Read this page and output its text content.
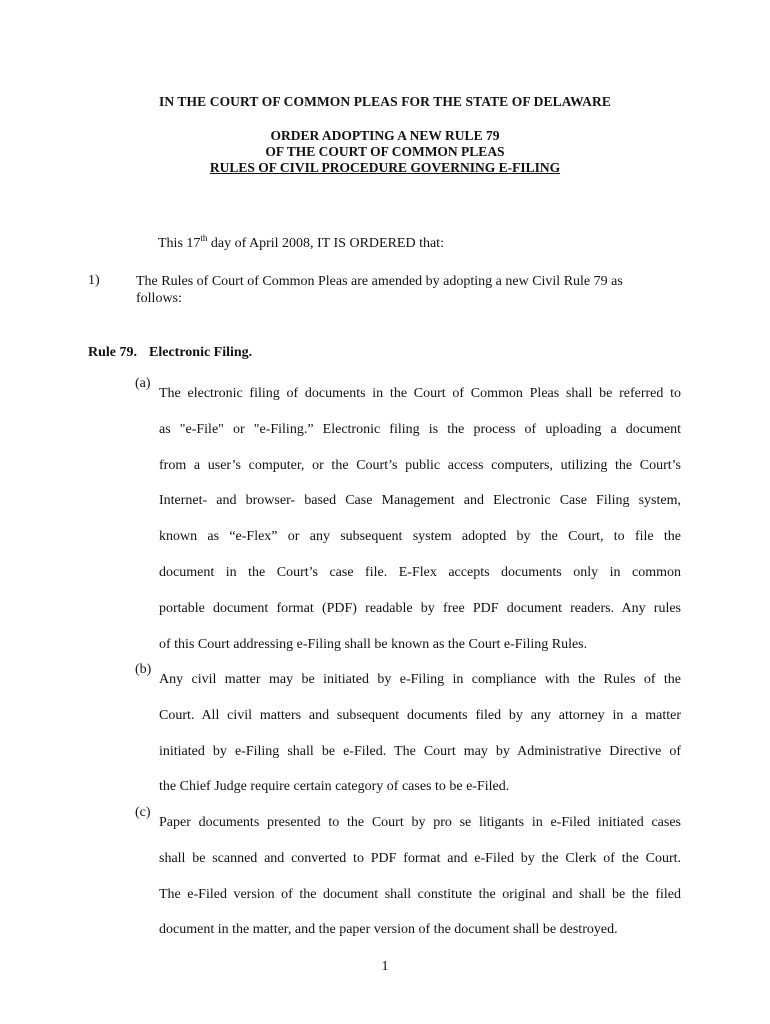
IN THE COURT OF COMMON PLEAS FOR THE STATE OF DELAWARE
ORDER ADOPTING A NEW RULE 79
OF THE COURT OF COMMON PLEAS
RULES OF CIVIL PROCEDURE GOVERNING E-FILING
This 17th day of April 2008, IT IS ORDERED that:
1)	The Rules of Court of Common Pleas are amended by adopting a new Civil Rule 79 as
follows:
Rule 79. Electronic Filing.
(a)
The electronic filing of documents in the Court of Common Pleas shall be referred to
as "e-File" or "e-Filing.” Electronic filing is the process of uploading a document
from a user’s computer, or the Court’s public access computers, utilizing the Court’s
Internet- and browser- based Case Management and Electronic Case Filing system,
known as “e-Flex” or any subsequent system adopted by the Court, to file the
document in the Court’s case file. E-Flex accepts documents only in common
portable document format (PDF) readable by free PDF document readers. Any rules
of this Court addressing e-Filing shall be known as the Court e-Filing Rules.
(b)
Any civil matter may be initiated by e-Filing in compliance with the Rules of the
Court. All civil matters and subsequent documents filed by any attorney in a matter
initiated by e-Filing shall be e-Filed. The Court may by Administrative Directive of
the Chief Judge require certain category of cases to be e-Filed.
(c)
Paper documents presented to the Court by pro se litigants in e-Filed initiated cases
shall be scanned and converted to PDF format and e-Filed by the Clerk of the Court.
The e-Filed version of the document shall constitute the original and shall be the filed
document in the matter, and the paper version of the document shall be destroyed.
1
